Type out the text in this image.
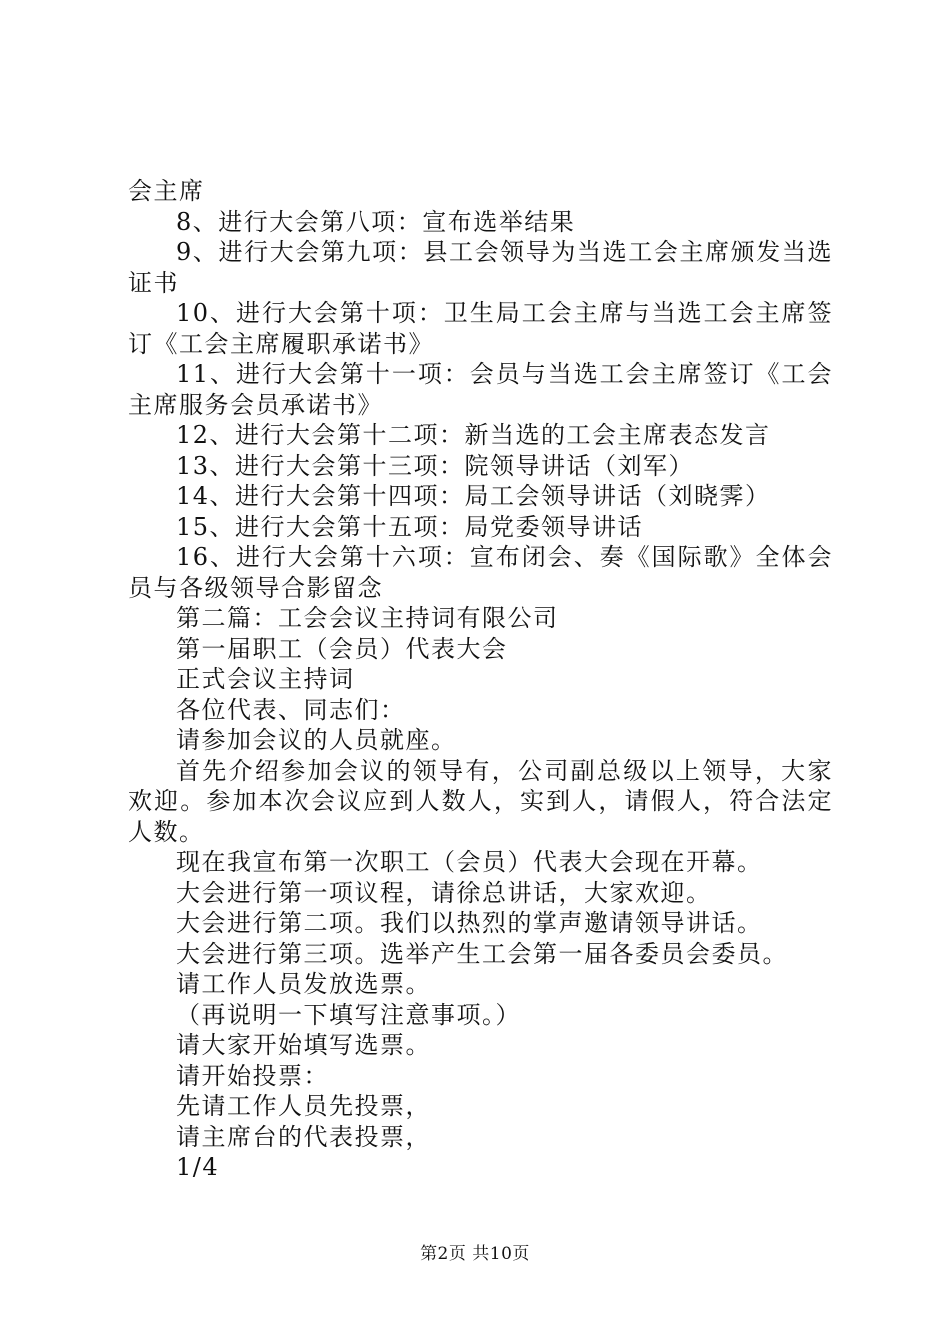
会主席

8、进行大会第八项：宣布选举结果

9、进行大会第九项：县工会领导为当选工会主席颁发当选证书

10、进行大会第十项：卫生局工会主席与当选工会主席签订《工会主席履职承诺书》

11、进行大会第十一项：会员与当选工会主席签订《工会主席服务会员承诺书》

12、进行大会第十二项：新当选的工会主席表态发言

13、进行大会第十三项：院领导讲话（刘军）

14、进行大会第十四项：局工会领导讲话（刘晓霁）

15、进行大会第十五项：局党委领导讲话

16、进行大会第十六项：宣布闭会、奏《国际歌》全体会员与各级领导合影留念

第二篇：工会会议主持词有限公司

第一届职工（会员）代表大会

正式会议主持词

各位代表、同志们：

请参加会议的人员就座。

首先介绍参加会议的领导有，公司副总级以上领导，大家欢迎。参加本次会议应到人数人，实到人，请假人，符合法定人数。

现在我宣布第一次职工（会员）代表大会现在开幕。

大会进行第一项议程，请徐总讲话，大家欢迎。

大会进行第二项。我们以热烈的掌声邀请领导讲话。

大会进行第三项。选举产生工会第一届各委员会委员。

请工作人员发放选票。

（再说明一下填写注意事项。）

请大家开始填写选票。

请开始投票：

先请工作人员先投票，

请主席台的代表投票，

1/4

第2页 共10页
